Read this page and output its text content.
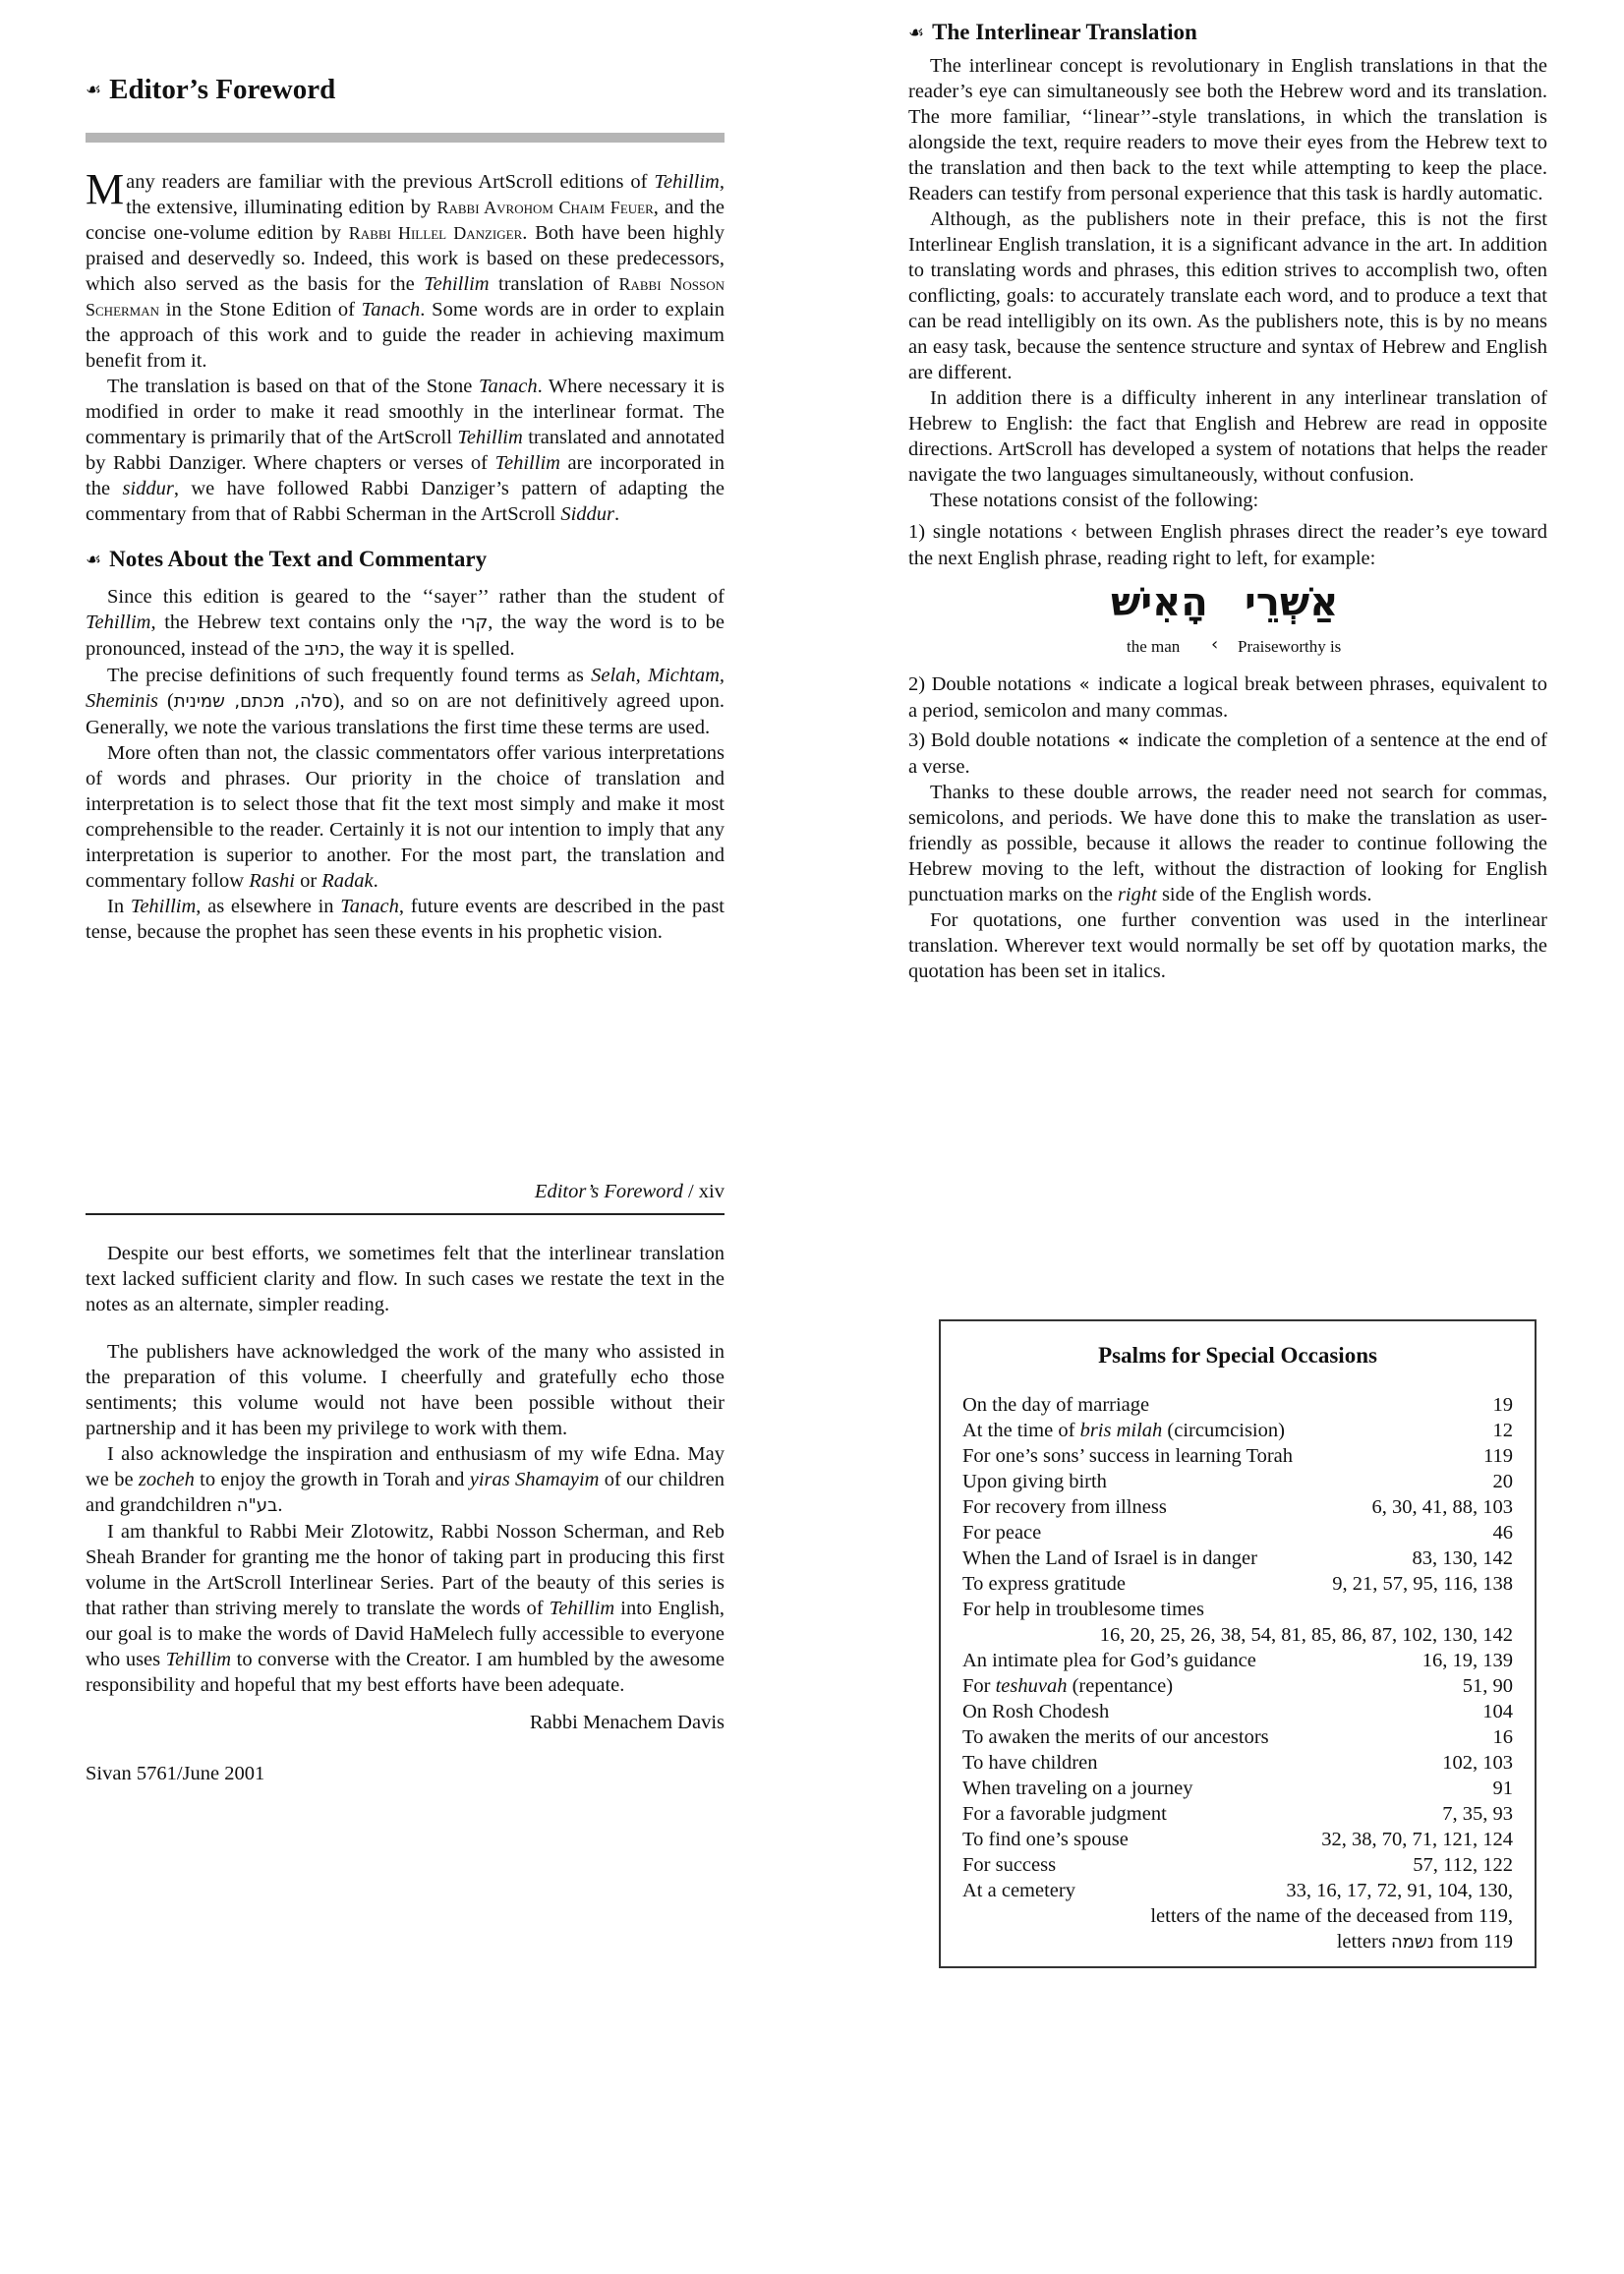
☙ Editor’s Foreword

Many readers are familiar with the previous ArtScroll editions of Tehillim, the extensive, illuminating edition by Rabbi Avrohom Chaim Feuer, and the concise one-volume edition by Rabbi Hillel Danziger. Both have been highly praised and deservedly so. Indeed, this work is based on these predecessors, which also served as the basis for the Tehillim translation of Rabbi Nosson Scherman in the Stone Edition of Tanach. Some words are in order to explain the approach of this work and to guide the reader in achieving maximum benefit from it.

The translation is based on that of the Stone Tanach. Where necessary it is modified in order to make it read smoothly in the interlinear format. The commentary is primarily that of the ArtScroll Tehillim translated and annotated by Rabbi Danziger. Where chapters or verses of Tehillim are incorporated in the siddur, we have followed Rabbi Danziger’s pattern of adapting the commentary from that of Rabbi Scherman in the ArtScroll Siddur.

☙ Notes About the Text and Commentary

Since this edition is geared to the ‘‘sayer’’ rather than the student of Tehillim, the Hebrew text contains only the קרי, the way the word is to be pronounced, instead of the כתיב, the way it is spelled.

The precise definitions of such frequently found terms as Selah, Michtam, Sheminis (סלה, מכתם, שמינית), and so on are not definitively agreed upon. Generally, we note the various translations the first time these terms are used.

More often than not, the classic commentators offer various interpretations of words and phrases. Our priority in the choice of translation and interpretation is to select those that fit the text most simply and make it most comprehensible to the reader. Certainly it is not our intention to imply that any interpretation is superior to another. For the most part, the translation and commentary follow Rashi or Radak.

In Tehillim, as elsewhere in Tanach, future events are described in the past tense, because the prophet has seen these events in his prophetic vision.

Editor’s Foreword / xiv
☙ The Interlinear Translation

The interlinear concept is revolutionary in English translations in that the reader’s eye can simultaneously see both the Hebrew word and its translation. The more familiar, ‘‘linear’’-style translations, in which the translation is alongside the text, require readers to move their eyes from the Hebrew text to the translation and then back to the text while attempting to keep the place. Readers can testify from personal experience that this task is hardly automatic.

Although, as the publishers note in their preface, this is not the first Interlinear English translation, it is a significant advance in the art. In addition to translating words and phrases, this edition strives to accomplish two, often conflicting, goals: to accurately translate each word, and to produce a text that can be read intelligibly on its own. As the publishers note, this is by no means an easy task, because the sentence structure and syntax of Hebrew and English are different.

In addition there is a difficulty inherent in any interlinear translation of Hebrew to English: the fact that English and Hebrew are read in opposite directions. ArtScroll has developed a system of notations that helps the reader navigate the two languages simultaneously, without confusion.

These notations consist of the following:

1) single notations ‹ between English phrases direct the reader’s eye toward the next English phrase, reading right to left, for example:

הָאִישׁ אַשְׁרֵי
the man	‹	Praiseworthy is

2) Double notations « indicate a logical break between phrases, equivalent to a period, semicolon and many commas.

3) Bold double notations « indicate the completion of a sentence at the end of a verse.

Thanks to these double arrows, the reader need not search for commas, semicolons, and periods. We have done this to make the translation as user-friendly as possible, because it allows the reader to continue following the Hebrew moving to the left, without the distraction of looking for English punctuation marks on the right side of the English words.

For quotations, one further convention was used in the interlinear translation. Wherever text would normally be set off by quotation marks, the quotation has been set in italics.

Despite our best efforts, we sometimes felt that the interlinear translation text lacked sufficient clarity and flow. In such cases we restate the text in the notes as an alternate, simpler reading.

The publishers have acknowledged the work of the many who assisted in the preparation of this volume. I cheerfully and gratefully echo those sentiments; this volume would not have been possible without their partnership and it has been my privilege to work with them.

I also acknowledge the inspiration and enthusiasm of my wife Edna. May we be zocheh to enjoy the growth in Torah and yiras Shamayim of our children and grandchildren בע"ה.

I am thankful to Rabbi Meir Zlotowitz, Rabbi Nosson Scherman, and Reb Sheah Brander for granting me the honor of taking part in producing this first volume in the ArtScroll Interlinear Series. Part of the beauty of this series is that rather than striving merely to translate the words of Tehillim into English, our goal is to make the words of David HaMelech fully accessible to everyone who uses Tehillim to converse with the Creator. I am humbled by the awesome responsibility and hopeful that my best efforts have been adequate.

Rabbi Menachem Davis
Sivan 5761/June 2001
Psalms for Special Occasions
On the day of marriage	19
At the time of bris milah (circumcision)	12
For one’s sons’ success in learning Torah	119
Upon giving birth	20
For recovery from illness	6, 30, 41, 88, 103
For peace	46
When the Land of Israel is in danger	83, 130, 142
To express gratitude	9, 21, 57, 95, 116, 138
For help in troublesome times
16, 20, 25, 26, 38, 54, 81, 85, 86, 87, 102, 130, 142
An intimate plea for God’s guidance	16, 19, 139
For teshuvah (repentance)	51, 90
On Rosh Chodesh	104
To awaken the merits of our ancestors	16
To have children	102, 103
When traveling on a journey	91
For a favorable judgment	7, 35, 93
To find one’s spouse	32, 38, 70, 71, 121, 124
For success	57, 112, 122
At a cemetery	33, 16, 17, 72, 91, 104, 130,
letters of the name of the deceased from 119,
letters נשמה from 119
